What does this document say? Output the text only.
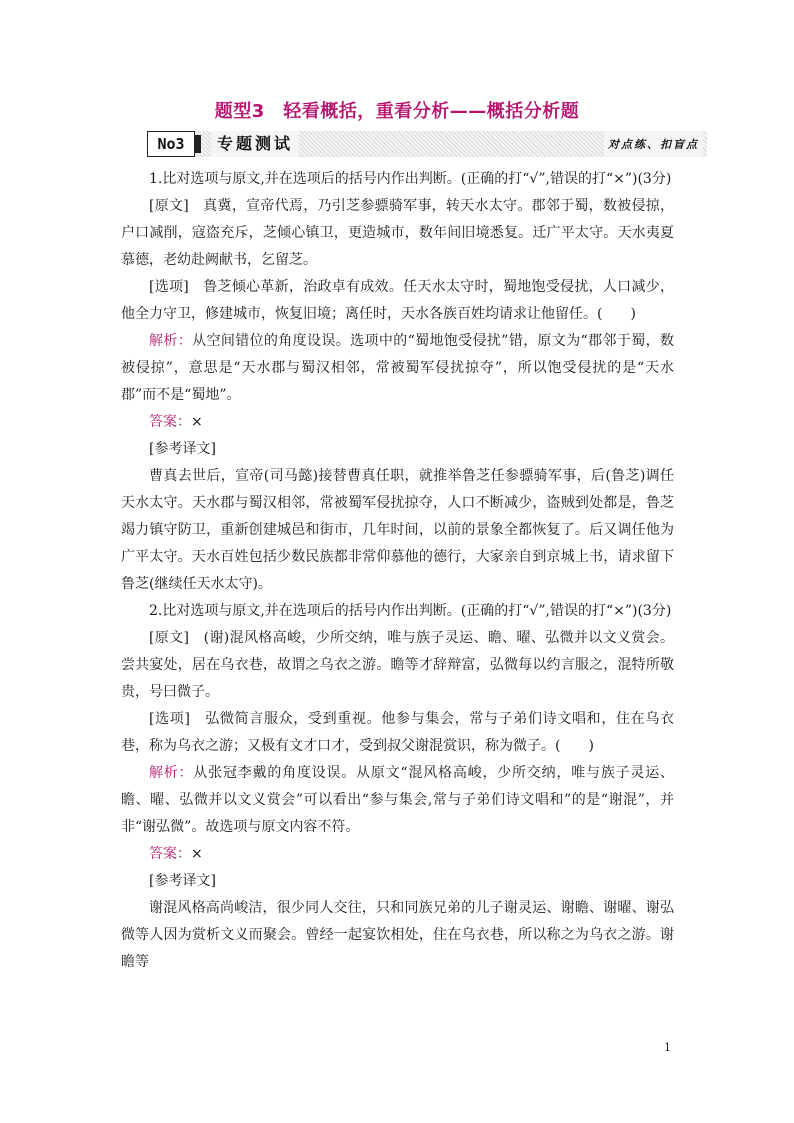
题型3　轻看概括，重看分析——概括分析题
No3	专题测试	对点练、扣盲点

1.比对选项与原文,并在选项后的括号内作出判断。(正确的打“√”,错误的打“×”)(3分)

[原文]　真冀，宣帝代焉，乃引芝参骠骑军事，转天水太守。郡邻于蜀，数被侵掠，户口减削，寇盗充斥，芝倾心镇卫，更造城市，数年间旧境悉复。迁广平太守。天水夷夏慕德，老幼赴阙献书，乞留芝。

[选项]　鲁芝倾心革新，治政卓有成效。任天水太守时，蜀地饱受侵扰，人口减少，他全力守卫，修建城市，恢复旧境；离任时，天水各族百姓均请求让他留任。(　　)

解析：从空间错位的角度设误。选项中的“蜀地饱受侵扰”错，原文为“郡邻于蜀，数被侵掠”，意思是“天水郡与蜀汉相邻，常被蜀军侵扰掠夺”，所以饱受侵扰的是“天水郡”而不是“蜀地”。

答案：×

[参考译文]

曹真去世后，宣帝(司马懿)接替曹真任职，就推举鲁芝任参骠骑军事，后(鲁芝)调任天水太守。天水郡与蜀汉相邻，常被蜀军侵扰掠夺，人口不断减少，盗贼到处都是，鲁芝竭力镇守防卫，重新创建城邑和街市，几年时间，以前的景象全都恢复了。后又调任他为广平太守。天水百姓包括少数民族都非常仰慕他的德行，大家亲自到京城上书，请求留下鲁芝(继续任天水太守)。

2.比对选项与原文,并在选项后的括号内作出判断。(正确的打“√”,错误的打“×”)(3分)

[原文]　(谢)混风格高峻，少所交纳，唯与族子灵运、瞻、曜、弘微并以文义赏会。尝共宴处，居在乌衣巷，故谓之乌衣之游。瞻等才辞辩富，弘微每以约言服之，混特所敬贵，号曰微子。

[选项]　弘微简言服众，受到重视。他参与集会，常与子弟们诗文唱和，住在乌衣巷，称为乌衣之游；又极有文才口才，受到叔父谢混赏识，称为微子。(　　)

解析：从张冠李戴的角度设误。从原文“混风格高峻，少所交纳，唯与族子灵运、瞻、曜、弘微并以文义赏会”可以看出“参与集会,常与子弟们诗文唱和”的是“谢混”，并非“谢弘微”。故选项与原文内容不符。

答案：×

[参考译文]

谢混风格高尚峻洁，很少同人交往，只和同族兄弟的儿子谢灵运、谢瞻、谢曜、谢弘微等人因为赏析文义而聚会。曾经一起宴饮相处，住在乌衣巷，所以称之为乌衣之游。谢瞻等

1
